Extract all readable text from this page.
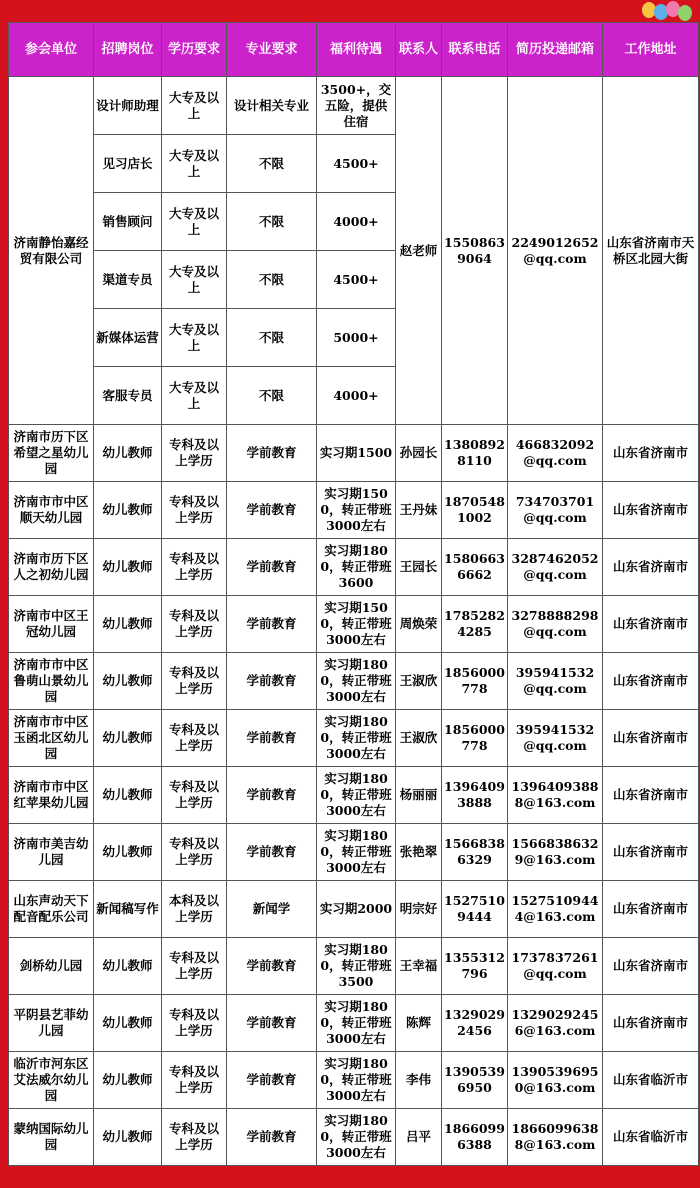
参会单位	招聘岗位	学历要求	专业要求	福利待遇	联系人	联系电话	简历投递邮箱	工作地址
济南静怡嘉经贸有限公司	设计师助理	大专及以上	设计相关专业	3500+，交五险，提供住宿	赵老师	15508639064	2249012652@qq.com	山东省济南市天桥区北园大街
	见习店长	大专及以上	不限	4500+				
	销售顾问	大专及以上	不限	4000+				
	渠道专员	大专及以上	不限	4500+				
	新媒体运营	大专及以上	不限	5000+				
	客服专员	大专及以上	不限	4000+				
济南市历下区希望之星幼儿园	幼儿教师	专科及以上学历	学前教育	实习期1500	孙园长	13808928110	466832092@qq.com	山东省济南市
济南市市中区顺天幼儿园	幼儿教师	专科及以上学历	学前教育	实习期1500，转正带班3000左右	王丹妹	18705481002	734703701@qq.com	山东省济南市
济南市历下区人之初幼儿园	幼儿教师	专科及以上学历	学前教育	实习期1800，转正带班3600	王园长	15806636662	3287462052@qq.com	山东省济南市
济南市中区王冠幼儿园	幼儿教师	专科及以上学历	学前教育	实习期1500，转正带班3000左右	周焕荣	17852824285	3278888298@qq.com	山东省济南市
济南市市中区鲁萌山景幼儿园	幼儿教师	专科及以上学历	学前教育	实习期1800，转正带班3000左右	王淑欣	1856000778	395941532@qq.com	山东省济南市
济南市市中区玉函北区幼儿园	幼儿教师	专科及以上学历	学前教育	实习期1800，转正带班3000左右	王淑欣	1856000778	395941532@qq.com	山东省济南市
济南市市中区红苹果幼儿园	幼儿教师	专科及以上学历	学前教育	实习期1800，转正带班3000左右	杨丽丽	13964093888	13964093888@163.com	山东省济南市
济南市美吉幼儿园	幼儿教师	专科及以上学历	学前教育	实习期1800，转正带班3000左右	张艳翠	15668386329	15668386329@163.com	山东省济南市
山东声动天下配音配乐公司	新闻稿写作	本科及以上学历	新闻学	实习期2000	明宗好	15275109444	15275109444@163.com	山东省济南市
剑桥幼儿园	幼儿教师	专科及以上学历	学前教育	实习期1800，转正带班3500	王幸福	1355312796	1737837261@qq.com	山东省济南市
平阴县艺菲幼儿园	幼儿教师	专科及以上学历	学前教育	实习期1800，转正带班3000左右	陈辉	13290292456	13290292456@163.com	山东省济南市
临沂市河东区艾法威尔幼儿园	幼儿教师	专科及以上学历	学前教育	实习期1800，转正带班3000左右	李伟	13905396950	13905396950@163.com	山东省临沂市
蒙纳国际幼儿园	幼儿教师	专科及以上学历	学前教育	实习期1800，转正带班3000左右	吕平	18660996388	18660996388@163.com	山东省临沂市
